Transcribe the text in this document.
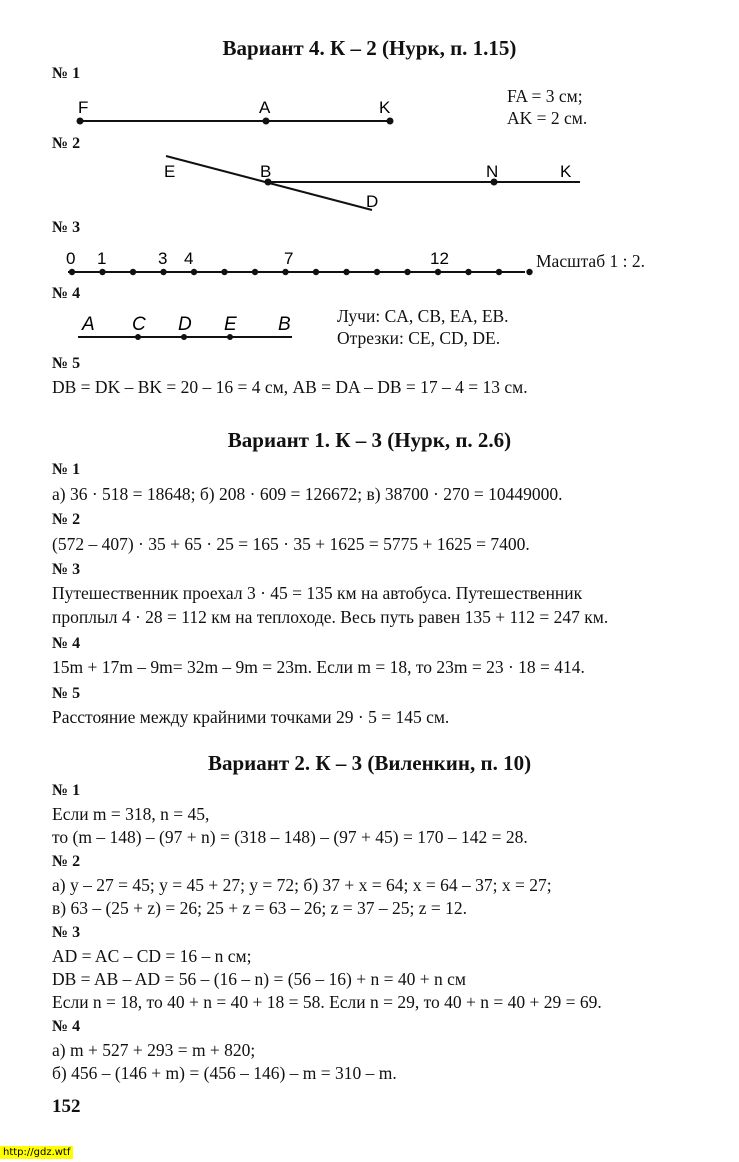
Вариант 4. К – 2 (Нурк, п. 1.15)
№ 1
FA = 3 см;
AK = 2 см.
№ 2
№ 3
Масштаб 1 : 2.
№ 4
Лучи: CA, CB, EA, EB.
Отрезки: CE, CD, DE.
№ 5
DB = DK – BK = 20 – 16 = 4 см, AB = DA – DB = 17 – 4 = 13 см.
F	A	K
E	B	N	K
D
0 1	3 4	7	12
A C D E B
Вариант 1. К – 3 (Нурк, п. 2.6)
№ 1
а) 36 · 518 = 18648; б) 208 · 609 = 126672; в) 38700 · 270 = 10449000.
№ 2
(572 – 407) · 35 + 65 · 25 = 165 · 35 + 1625 = 5775 + 1625 = 7400.
№ 3
Путешественник проехал 3 · 45 = 135 км на автобуса. Путешественник
проплыл 4 · 28 = 112 км на теплоходе. Весь путь равен 135 + 112 = 247 км.
№ 4
15m + 17m – 9m= 32m – 9m = 23m. Если m = 18, то 23m = 23 · 18 = 414.
№ 5
Расстояние между крайними точками 29 · 5 = 145 см.
Вариант 2. К – 3 (Виленкин, п. 10)
№ 1
Если m = 318, n = 45,
то (m – 148) – (97 + n) = (318 – 148) – (97 + 45) = 170 – 142 = 28.
№ 2
а) y – 27 = 45; y = 45 + 27; y = 72; б) 37 + x = 64; x = 64 – 37; x = 27;
в) 63 – (25 + z) = 26; 25 + z = 63 – 26; z = 37 – 25; z = 12.
№ 3
AD = AC – CD = 16 – n см;
DB = AB – AD = 56 – (16 – n) = (56 – 16) + n = 40 + n см
Если n = 18, то 40 + n = 40 + 18 = 58. Если n = 29, то 40 + n = 40 + 29 = 69.
№ 4
а) m + 527 + 293 = m + 820;
б) 456 – (146 + m) = (456 – 146) – m = 310 – m.
152
http://gdz.wtf
